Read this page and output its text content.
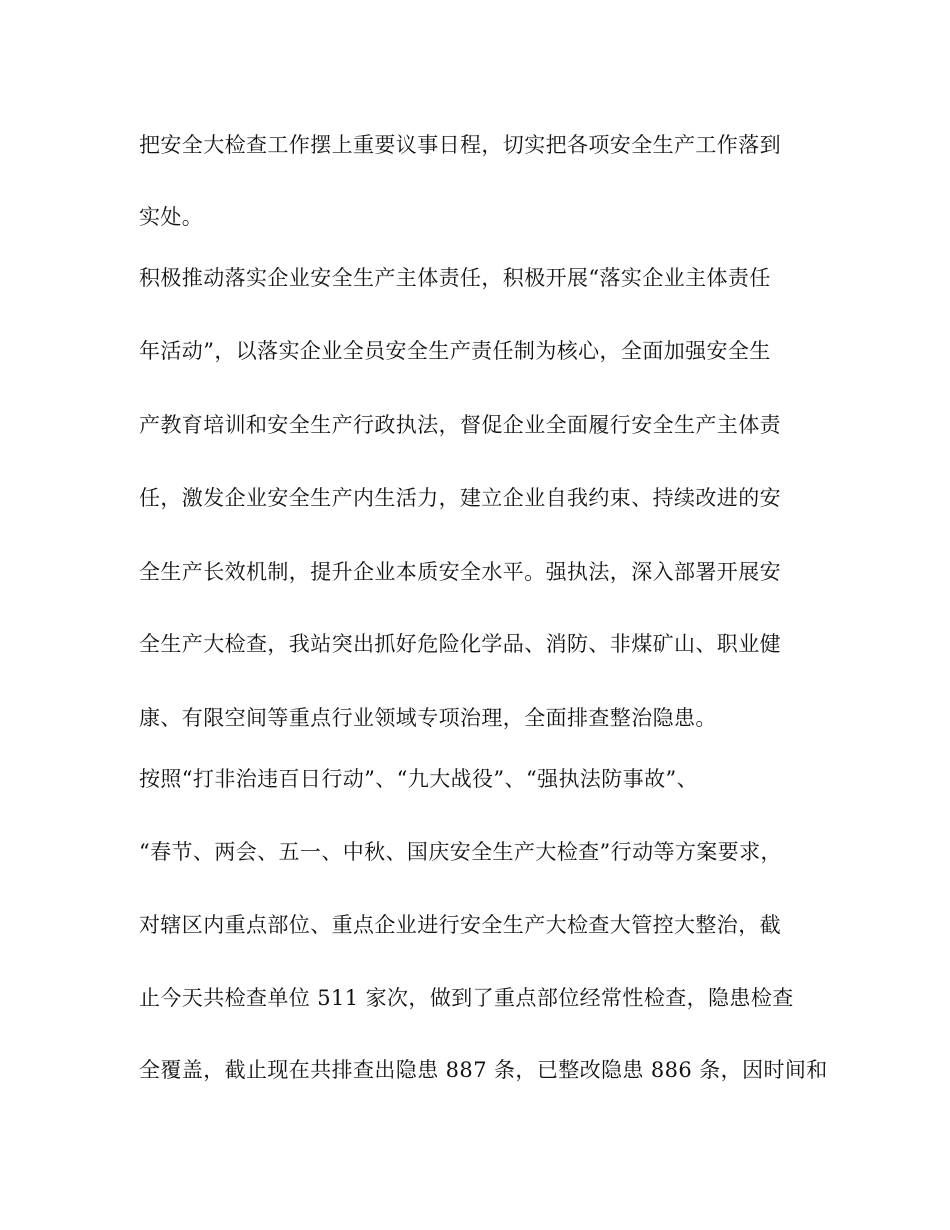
把安全大检查工作摆上重要议事日程，切实把各项安全生产工作落到
实处。
积极推动落实企业安全生产主体责任，积极开展“落实企业主体责任
年活动”，以落实企业全员安全生产责任制为核心，全面加强安全生
产教育培训和安全生产行政执法，督促企业全面履行安全生产主体责
任，激发企业安全生产内生活力，建立企业自我约束、持续改进的安
全生产长效机制，提升企业本质安全水平。强执法，深入部署开展安
全生产大检查，我站突出抓好危险化学品、消防、非煤矿山、职业健
康、有限空间等重点行业领域专项治理，全面排查整治隐患。
按照“打非治违百日行动”、“九大战役”、“强执法防事故”、
“春节、两会、五一、中秋、国庆安全生产大检查”行动等方案要求，
对辖区内重点部位、重点企业进行安全生产大检查大管控大整治，截
止今天共检查单位 511 家次，做到了重点部位经常性检查，隐患检查
全覆盖，截止现在共排查出隐患 887 条，已整改隐患 886 条，因时间和
